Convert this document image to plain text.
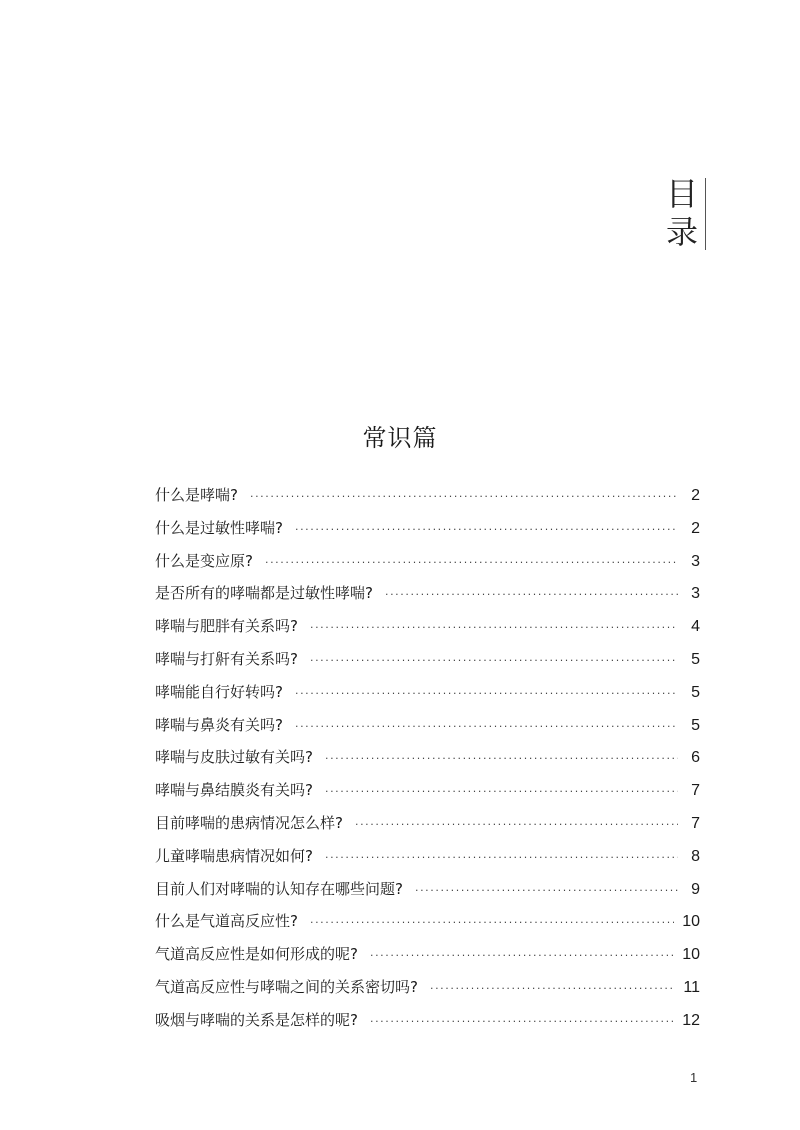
目
录
常识篇
什么是哮喘? ·····	2
什么是过敏性哮喘? ·····	2
什么是变应原? ·····	3
是否所有的哮喘都是过敏性哮喘? ·····	3
哮喘与肥胖有关系吗? ·····	4
哮喘与打鼾有关系吗? ·····	5
哮喘能自行好转吗? ·····	5
哮喘与鼻炎有关吗? ·····	5
哮喘与皮肤过敏有关吗? ·····	6
哮喘与鼻结膜炎有关吗? ·····	7
目前哮喘的患病情况怎么样? ·····	7
儿童哮喘患病情况如何? ·····	8
目前人们对哮喘的认知存在哪些问题? ·····	9
什么是气道高反应性? ·····	10
气道高反应性是如何形成的呢? ·····	10
气道高反应性与哮喘之间的关系密切吗? ·····	11
吸烟与哮喘的关系是怎样的呢? ·····	12
1
